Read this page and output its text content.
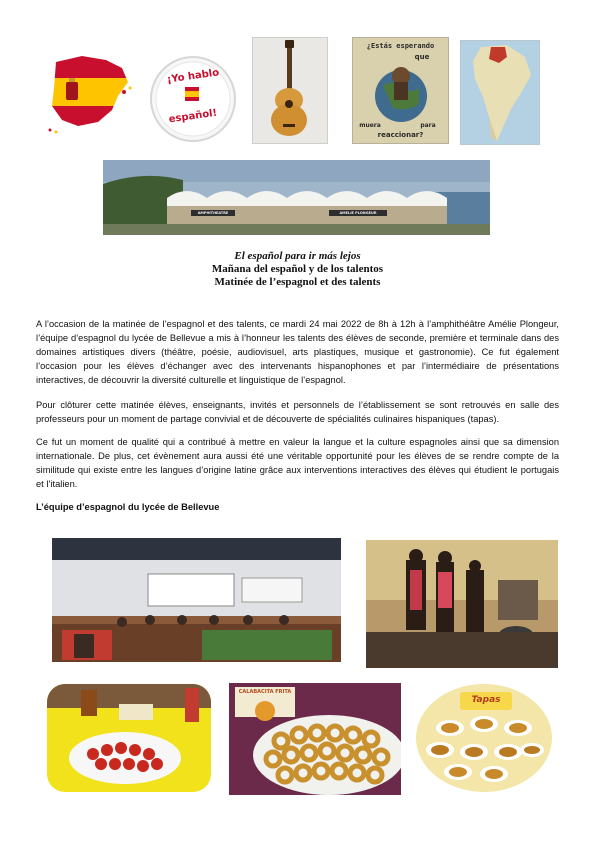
¡Yo hablo
español!
¿Estás esperando
que
muera	para
reaccionar?
AMPHITHEATRE	AMELIE PLONGEUR
El español para ir más lejos
Mañana del español y de los talentos
Matinée de l’espagnol et des talents

A l’occasion de la matinée de l’espagnol et des talents, ce mardi 24 mai 2022 de 8h à 12h à l’amphithéâtre Amélie Plongeur, l’équipe d’espagnol du lycée de Bellevue a mis à l’honneur les talents des élèves de seconde, première et terminale dans des domaines artistiques divers (théâtre, poésie, audiovisuel, arts plastiques, musique et gastronomie). Ce fut également l’occasion pour les élèves d’échanger avec des intervenants hispanophones et par l’intermédiaire de présentations interactives, de découvrir la diversité culturelle et linguistique de l’espagnol.

Pour clôturer cette matinée élèves, enseignants, invités et personnels de l’établissement se sont retrouvés en salle des professeurs pour un moment de partage convivial et de découverte de spécialités culinaires hispaniques (tapas).

Ce fut un moment de qualité qui a contribué à mettre en valeur la langue et la culture espagnoles ainsi que sa dimension internationale. De plus, cet évènement aura aussi été une véritable opportunité pour les élèves de se rendre compte de la similitude qui existe entre les langues d’origine latine grâce aux interventions interactives des élèves qui étudient le portugais et l’italien.

L’équipe d’espagnol du lycée de Bellevue
CALABACITA FRITA
Tapas
